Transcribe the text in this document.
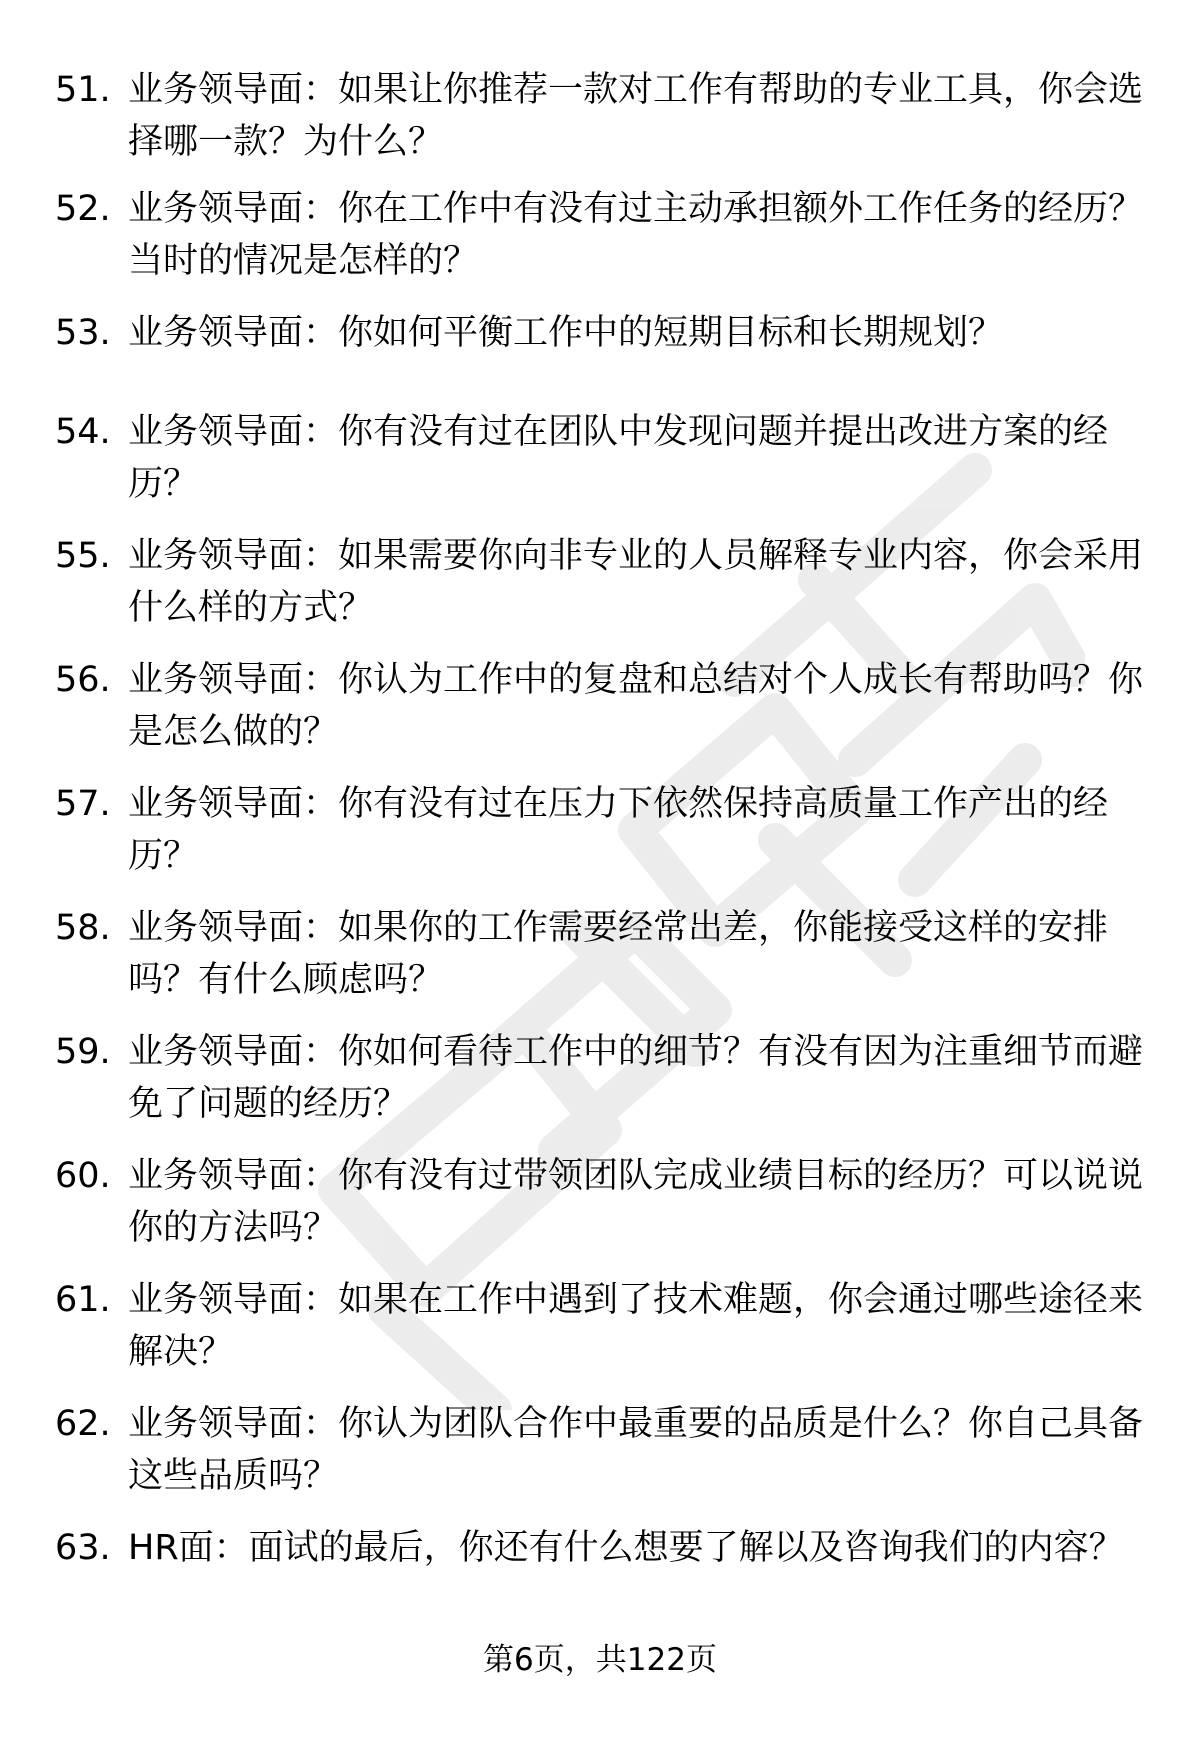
51. 业务领导面：如果让你推荐一款对工作有帮助的专业工具，你会选择哪一款？为什么？
52. 业务领导面：你在工作中有没有过主动承担额外工作任务的经历？当时的情况是怎样的？
53. 业务领导面：你如何平衡工作中的短期目标和长期规划？
54. 业务领导面：你有没有过在团队中发现问题并提出改进方案的经历？
55. 业务领导面：如果需要你向非专业的人员解释专业内容，你会采用什么样的方式？
56. 业务领导面：你认为工作中的复盘和总结对个人成长有帮助吗？你是怎么做的？
57. 业务领导面：你有没有过在压力下依然保持高质量工作产出的经历？
58. 业务领导面：如果你的工作需要经常出差，你能接受这样的安排吗？有什么顾虑吗？
59. 业务领导面：你如何看待工作中的细节？有没有因为注重细节而避免了问题的经历？
60. 业务领导面：你有没有过带领团队完成业绩目标的经历？可以说说你的方法吗？
61. 业务领导面：如果在工作中遇到了技术难题，你会通过哪些途径来解决？
62. 业务领导面：你认为团队合作中最重要的品质是什么？你自己具备这些品质吗？
63. HR面：面试的最后，你还有什么想要了解以及咨询我们的内容？
第6页，共122页
